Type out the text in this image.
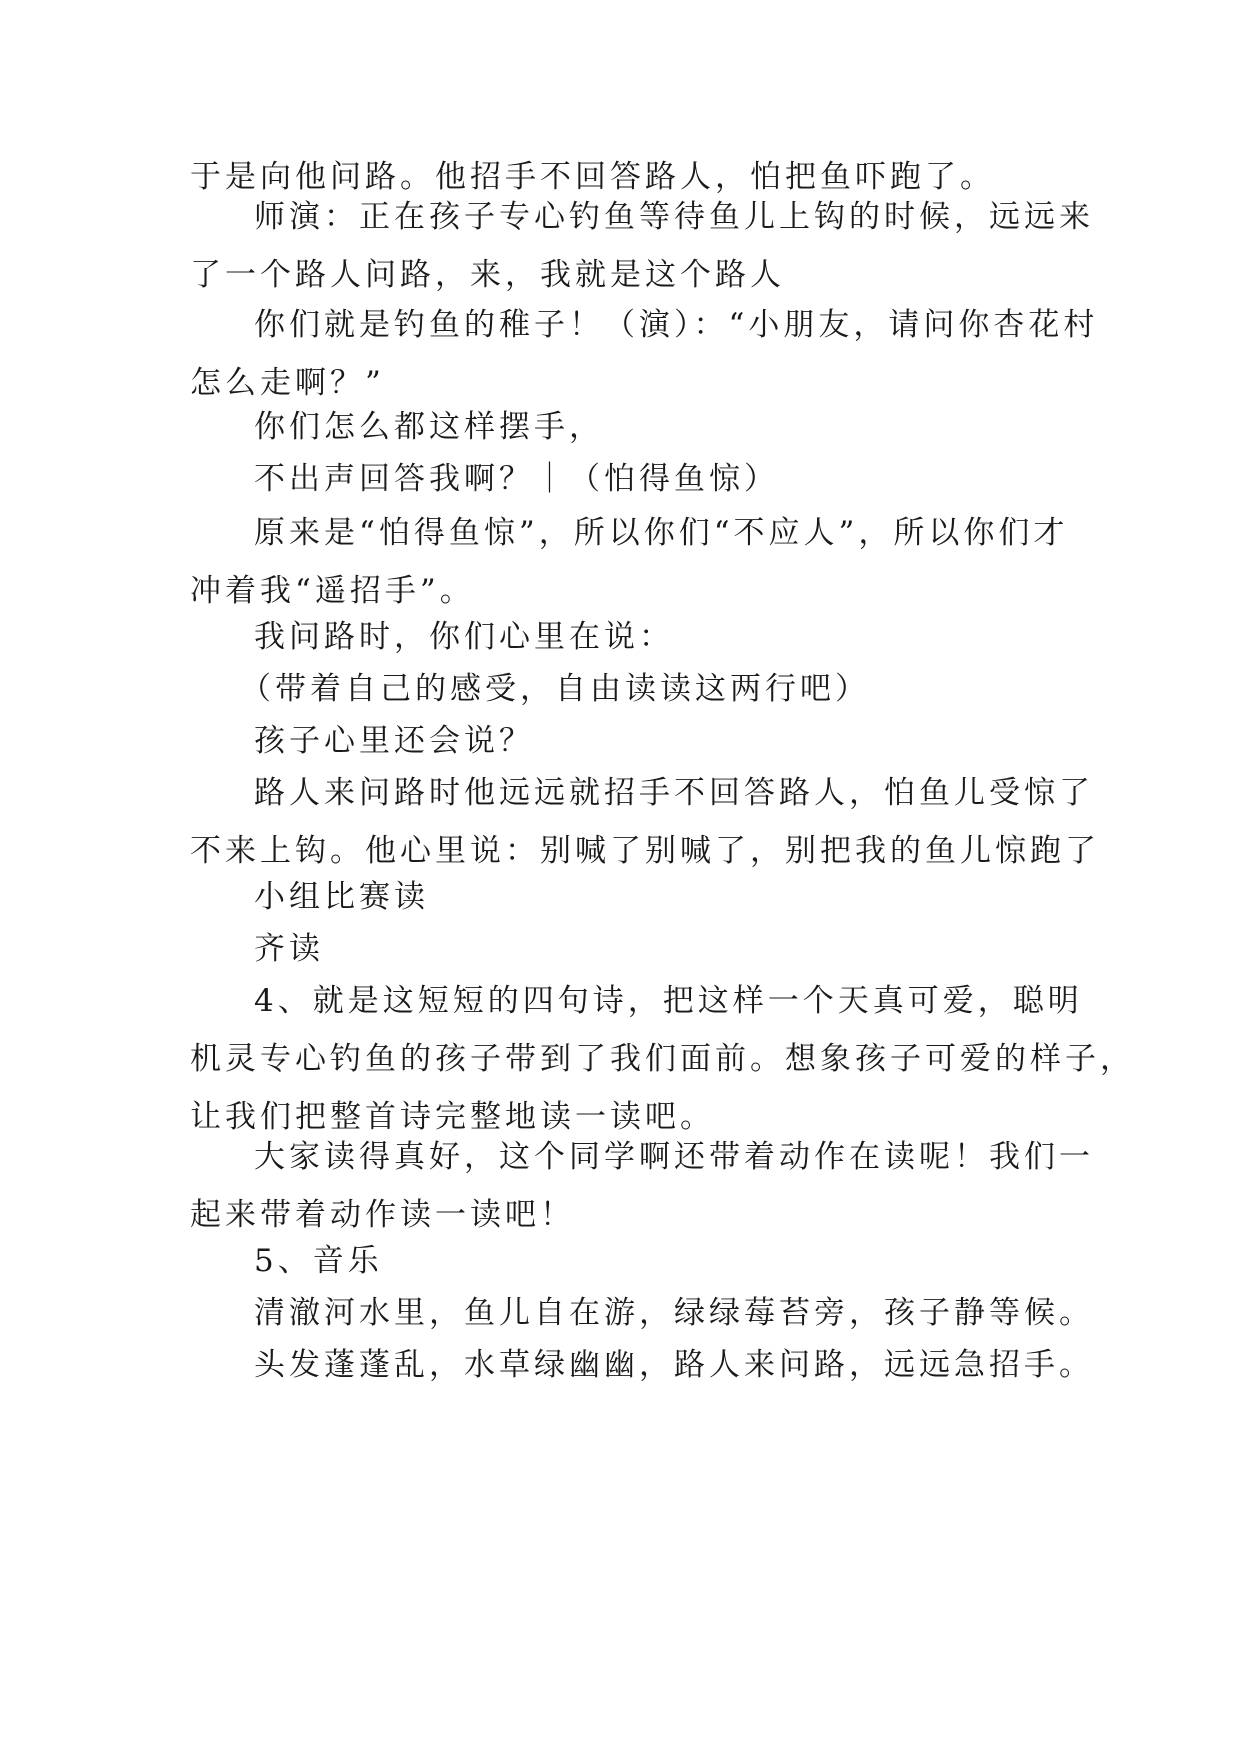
于是向他问路。他招手不回答路人，怕把鱼吓跑了。
师演：正在孩子专心钓鱼等待鱼儿上钩的时候，远远来
了一个路人问路，来，我就是这个路人
你们就是钓鱼的稚子！（演）：“小朋友，请问你杏花村
怎么走啊？”
你们怎么都这样摆手，
不出声回答我啊？｜（怕得鱼惊）
原来是“怕得鱼惊”，所以你们“不应人”，所以你们才
冲着我“遥招手”。
我问路时，你们心里在说：
（带着自己的感受，自由读读这两行吧）
孩子心里还会说？
路人来问路时他远远就招手不回答路人，怕鱼儿受惊了
不来上钩。他心里说：别喊了别喊了，别把我的鱼儿惊跑了
小组比赛读
齐读
4、就是这短短的四句诗，把这样一个天真可爱，聪明
机灵专心钓鱼的孩子带到了我们面前。想象孩子可爱的样子，
让我们把整首诗完整地读一读吧。
大家读得真好，这个同学啊还带着动作在读呢！我们一
起来带着动作读一读吧！
5、音乐
清澈河水里，鱼儿自在游，绿绿莓苔旁，孩子静等候。
头发蓬蓬乱，水草绿幽幽，路人来问路，远远急招手。
